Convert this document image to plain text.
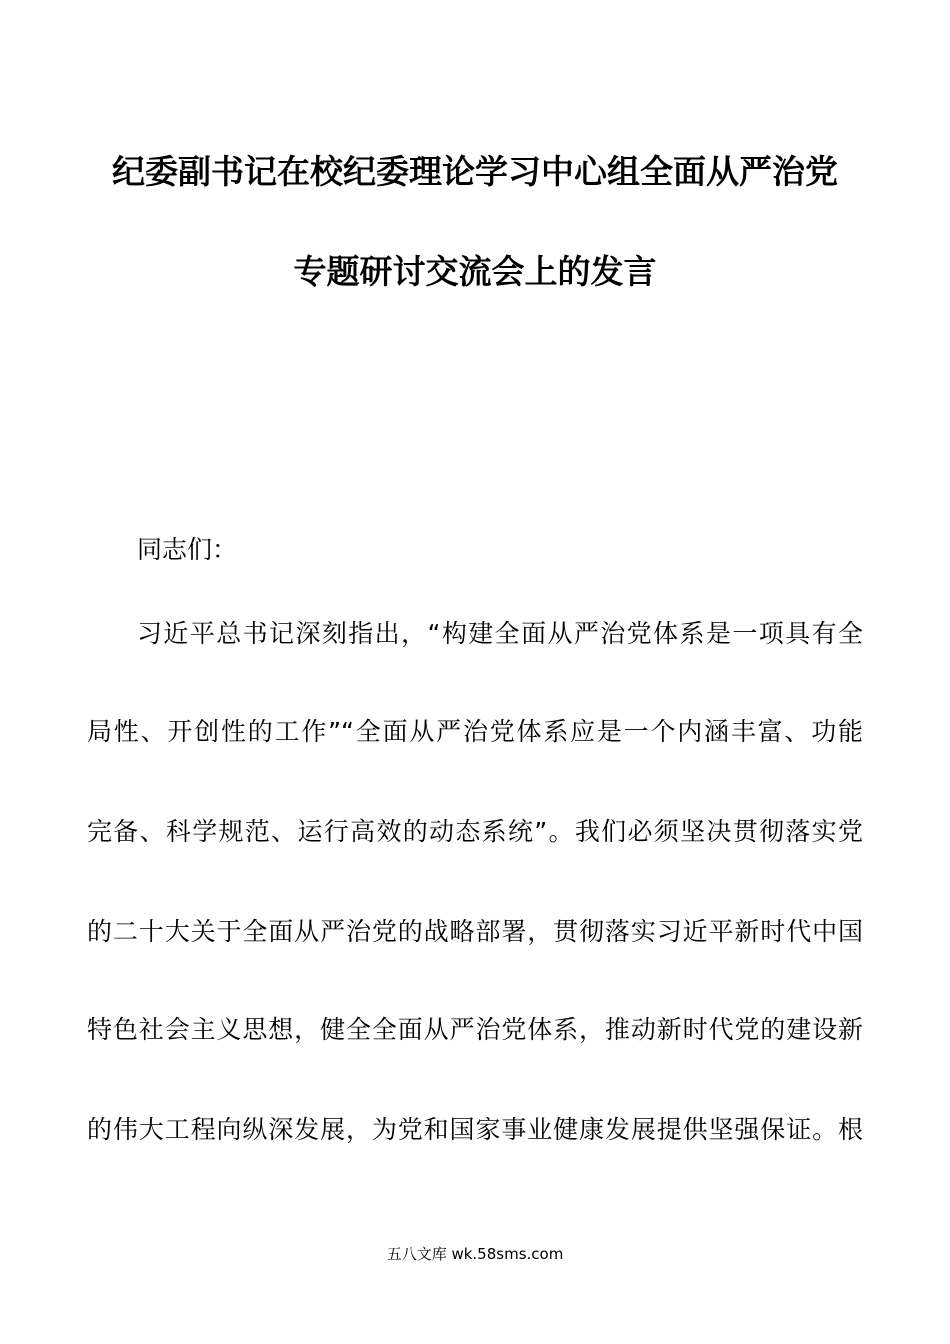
纪委副书记在校纪委理论学习中心组全面从严治党
专题研讨交流会上的发言
同志们：
习近平总书记深刻指出，“构建全面从严治党体系是一项具有全
局性、开创性的工作”“全面从严治党体系应是一个内涵丰富、功能
完备、科学规范、运行高效的动态系统”。我们必须坚决贯彻落实党
的二十大关于全面从严治党的战略部署，贯彻落实习近平新时代中国
特色社会主义思想，健全全面从严治党体系，推动新时代党的建设新
的伟大工程向纵深发展，为党和国家事业健康发展提供坚强保证。根
五八文库 wk.58sms.com
